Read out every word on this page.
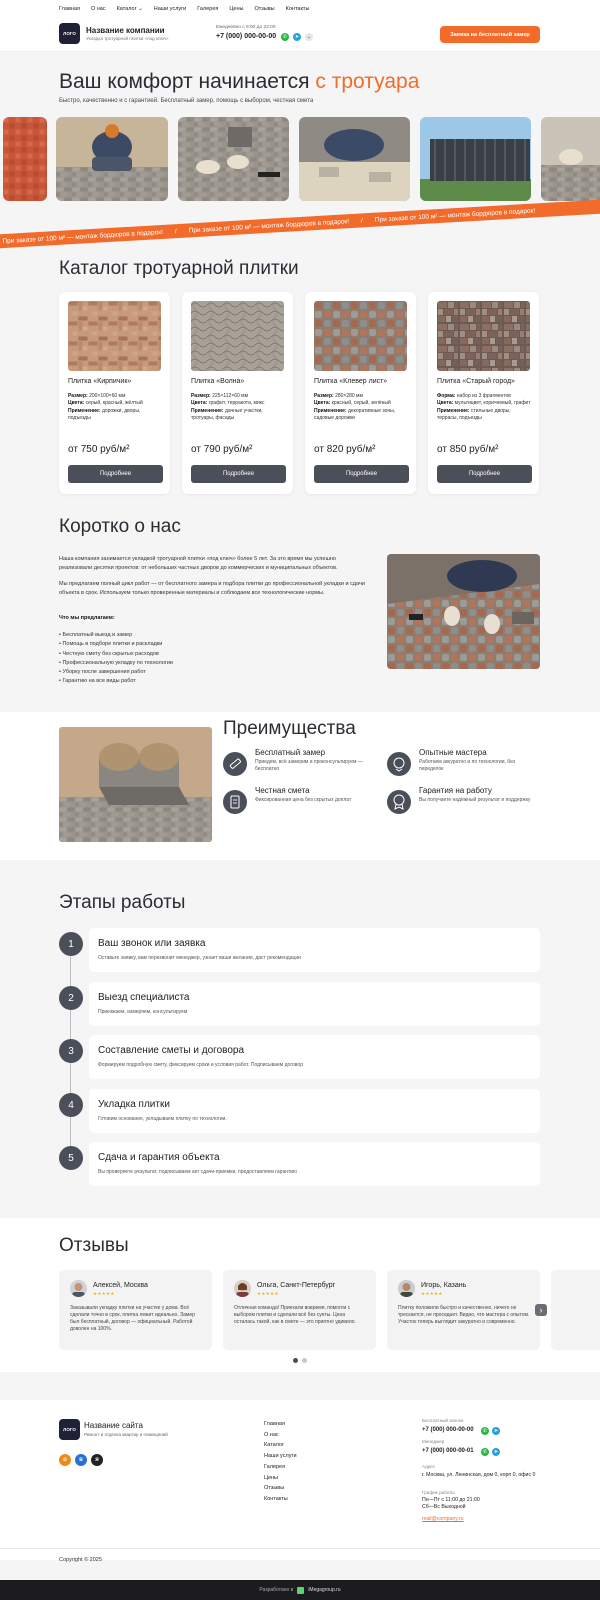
Главная О нас Каталог ⌄ Наши услуги Галерея Цены Отзывы Контакты
ЛОГО	Название компании
Укладка тротуарной плитки «под ключ»
Ежедневно с 9:00 до 22:00
+7 (000) 000-00-00	✆	➤	⌄	Заявка на бесплатный замер
Ваш комфорт начинается с тротуара
Быстро, качественно и с гарантией. Бесплатный замер, помощь с выбором, честная смета
При заказе от 100 м² — монтаж бордюров в подарок! / При заказе от 100 м² — монтаж бордюров в подарок! / При заказе от 100 м² — монтаж бордюров в подарок!
Каталог тротуарной плитки
Плитка «Кирпичик»
Размер: 200×100×60 мм
Цвета: серый, красный, жёлтый
Применение: дорожки, дворы, подъезды
от 750 руб/м²
Подробнее
Плитка «Волна»
Размер: 225×112×60 мм
Цвета: графит, терракота, микс
Применение: дачные участки, тротуары, фасады
от 790 руб/м²
Подробнее
Плитка «Клевер лист»
Размер: 280×280 мм
Цвета: красный, серый, зелёный
Применение: декоративные зоны, садовые дорожки
от 820 руб/м²
Подробнее
Плитка «Старый город»
Форма: набор из 3 фрагментов
Цвета: мультицвет, коричневый, графит
Применение: стильные дворы, террасы, подъезды
от 850 руб/м²
Подробнее
Коротко о нас

Наша компания занимается укладкой тротуарной плитки «под ключ» более 5 лет. За это время мы успешно реализовали десятки проектов: от небольших частных дворов до коммерческих и муниципальных объектов.

Мы предлагаем полный цикл работ — от бесплатного замера и подбора плитки до профессиональной укладки и сдачи объекта в срок. Используем только проверенные материалы и соблюдаем все технологические нормы.

Что мы предлагаем:

• Бесплатный выезд и замер
• Помощь в подборе плитки и раскладки
• Честную смету без скрытых расходов
• Профессиональную укладку по технологии
• Уборку после завершения работ
• Гарантию на все виды работ
Преимущества
Бесплатный замер
Приедем, всё замерим и проконсультируем — бесплатно
Опытные мастера
Работаем аккуратно и по технологии, без переделок
Честная смета
Фиксированная цена без скрытых доплат
Гарантия на работу
Вы получаете надёжный результат и поддержку
Этапы работы
1	Ваш звонок или заявка
Оставьте заявку, вам перезвонит менеджер, узнает ваши желания, даст рекомендации
2	Выезд специалиста
Приезжаем, измеряем, консультируем
3	Составление сметы и договора
Формируем подробную смету, фиксируем сроки и условия работ. Подписываем договор
4	Укладка плитки
Готовим основание, укладываем плитку по технологии.
5	Сдача и гарантия объекта
Вы проверяете результат, подписываем акт сдачи-приемки, предоставляем гарантию
Отзывы
Алексей, Москва
★★★★★
Заказывали укладку плитки на участке у дома. Всё сделали точно в срок, плитка лежит идеально. Замер был бесплатный, договор — официальный. Работой доволен на 100%.
Ольга, Санкт-Петербург
★★★★★
Отличная команда! Приехали вовремя, помогли с выбором плитки и сделали всё без суеты. Цена осталась такой, как в смете — это приятно удивило.
Игорь, Казань
★★★★★
Плитку положили быстро и качественно, ничего не трескается, не проседает. Видно, что мастера с опытом. Участок теперь выглядит аккуратно и современно.
›
ЛОГО	Название сайта
Ремонт и отделка квартир и помещений
о	в	я
Главная
О нас
Каталог
Наши услуги
Галерея
Цены
Отзывы
Контакты
Бесплатный звонок
+7 (000) 000-00-00	✆	➤
Менеджер
+7 (000) 000-00-01	✆	➤
Адрес
г. Москва, ул. Ленинская, дом 0, корп 0, офис 0
График работы
Пн—Пт с 11:00 до 21:00
Сб—Вс Выходной
mail@company.ru
Copyright © 2025
Разработано в	iMegagroup.ru
